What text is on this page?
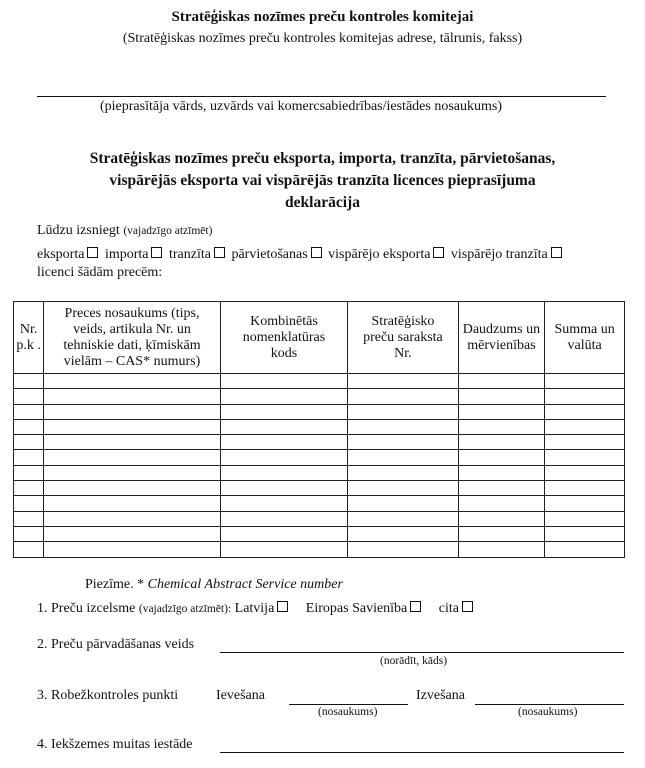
Stratēģiskas nozīmes preču kontroles komitejai
(Stratēģiskas nozīmes preču kontroles komitejas adrese, tālrunis, fakss)
(pieprasītāja vārds, uzvārds vai komercsabiedrības/iestādes nosaukums)
Stratēģiskas nozīmes preču eksporta, importa, tranzīta, pārvietošanas,
vispārējās eksporta vai vispārējās tranzīta licences pieprasījuma
deklarācija
Lūdzu izsniegt (vajadzīgo atzīmēt)
eksporta importa tranzīta pārvietošanas vispārējo eksporta vispārējo tranzīta
licenci šādām precēm:
Nr. p.k .	Preces nosaukums (tips, veids, artikula Nr. un tehniskie dati, ķīmiskām vielām – CAS* numurs)	Kombinētās nomenklatūras kods	Stratēģisko preču saraksta Nr.	Daudzums un mērvienības	Summa un valūta

Piezīme. * Chemical Abstract Service number
1. Preču izcelsme (vajadzīgo atzīmēt): Latvija Eiropas Savienība cita
2. Preču pārvadāšanas veids
(norādīt, kāds)
3. Robežkontroles punkti	Ievešana
(nosaukums)
Izvešana
(nosaukums)
4. Iekšzemes muitas iestāde
